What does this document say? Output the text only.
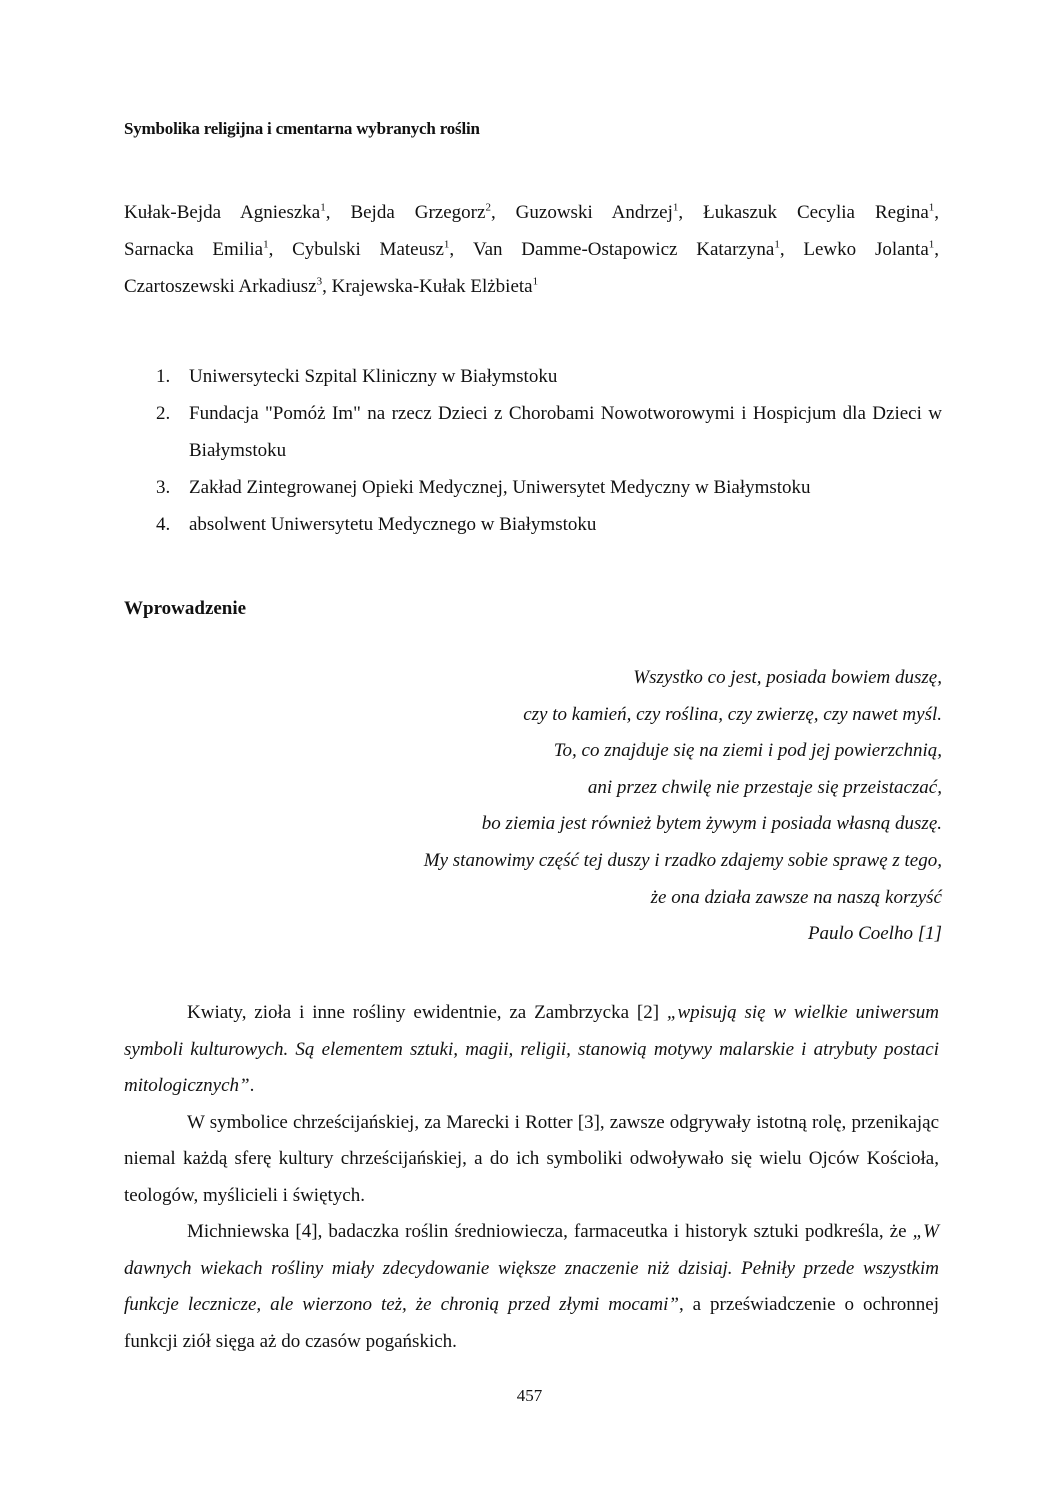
Symbolika religijna i cmentarna wybranych roślin
Kułak-Bejda Agnieszka$^1$, Bejda Grzegorz$^2$, Guzowski Andrzej$^1$, Łukaszuk Cecylia Regina$^1$, Sarnacka Emilia$^1$, Cybulski Mateusz$^1$, Van Damme-Ostapowicz Katarzyna$^1$, Lewko Jolanta$^1$, Czartoszewski Arkadiusz$^3$, Krajewska-Kułak Elżbieta$^1$
1. Uniwersytecki Szpital Kliniczny w Białymstoku
2. Fundacja "Pomóż Im" na rzecz Dzieci z Chorobami Nowotworowymi i Hospicjum dla Dzieci w Białymstoku
3. Zakład Zintegrowanej Opieki Medycznej, Uniwersytet Medyczny w Białymstoku
4. absolwent Uniwersytetu Medycznego w Białymstoku
Wprowadzenie
Wszystko co jest, posiada bowiem duszę,
czy to kamień, czy roślina, czy zwierzę, czy nawet myśl.
To, co znajduje się na ziemi i pod jej powierzchnią,
ani przez chwilę nie przestaje się przeistaczać,
bo ziemia jest również bytem żywym i posiada własną duszę.
My stanowimy część tej duszy i rzadko zdajemy sobie sprawę z tego,
że ona działa zawsze na naszą korzyść
Paulo Coelho [1]

Kwiaty, zioła i inne rośliny ewidentnie, za Zambrzycka [2] „wpisują się w wielkie uniwersum symboli kulturowych. Są elementem sztuki, magii, religii, stanowią motywy malarskie i atrybuty postaci mitologicznych”.

W symbolice chrześcijańskiej, za Marecki i Rotter [3], zawsze odgrywały istotną rolę, przenikając niemal każdą sferę kultury chrześcijańskiej, a do ich symboliki odwoływało się wielu Ojców Kościoła, teologów, myślicieli i świętych.

Michniewska [4], badaczka roślin średniowiecza, farmaceutka i historyk sztuki podkreśla, że „W dawnych wiekach rośliny miały zdecydowanie większe znaczenie niż dzisiaj. Pełniły przede wszystkim funkcje lecznicze, ale wierzono też, że chronią przed złymi mocami”, a przeświadczenie o ochronnej funkcji ziół sięga aż do czasów pogańskich.

457
